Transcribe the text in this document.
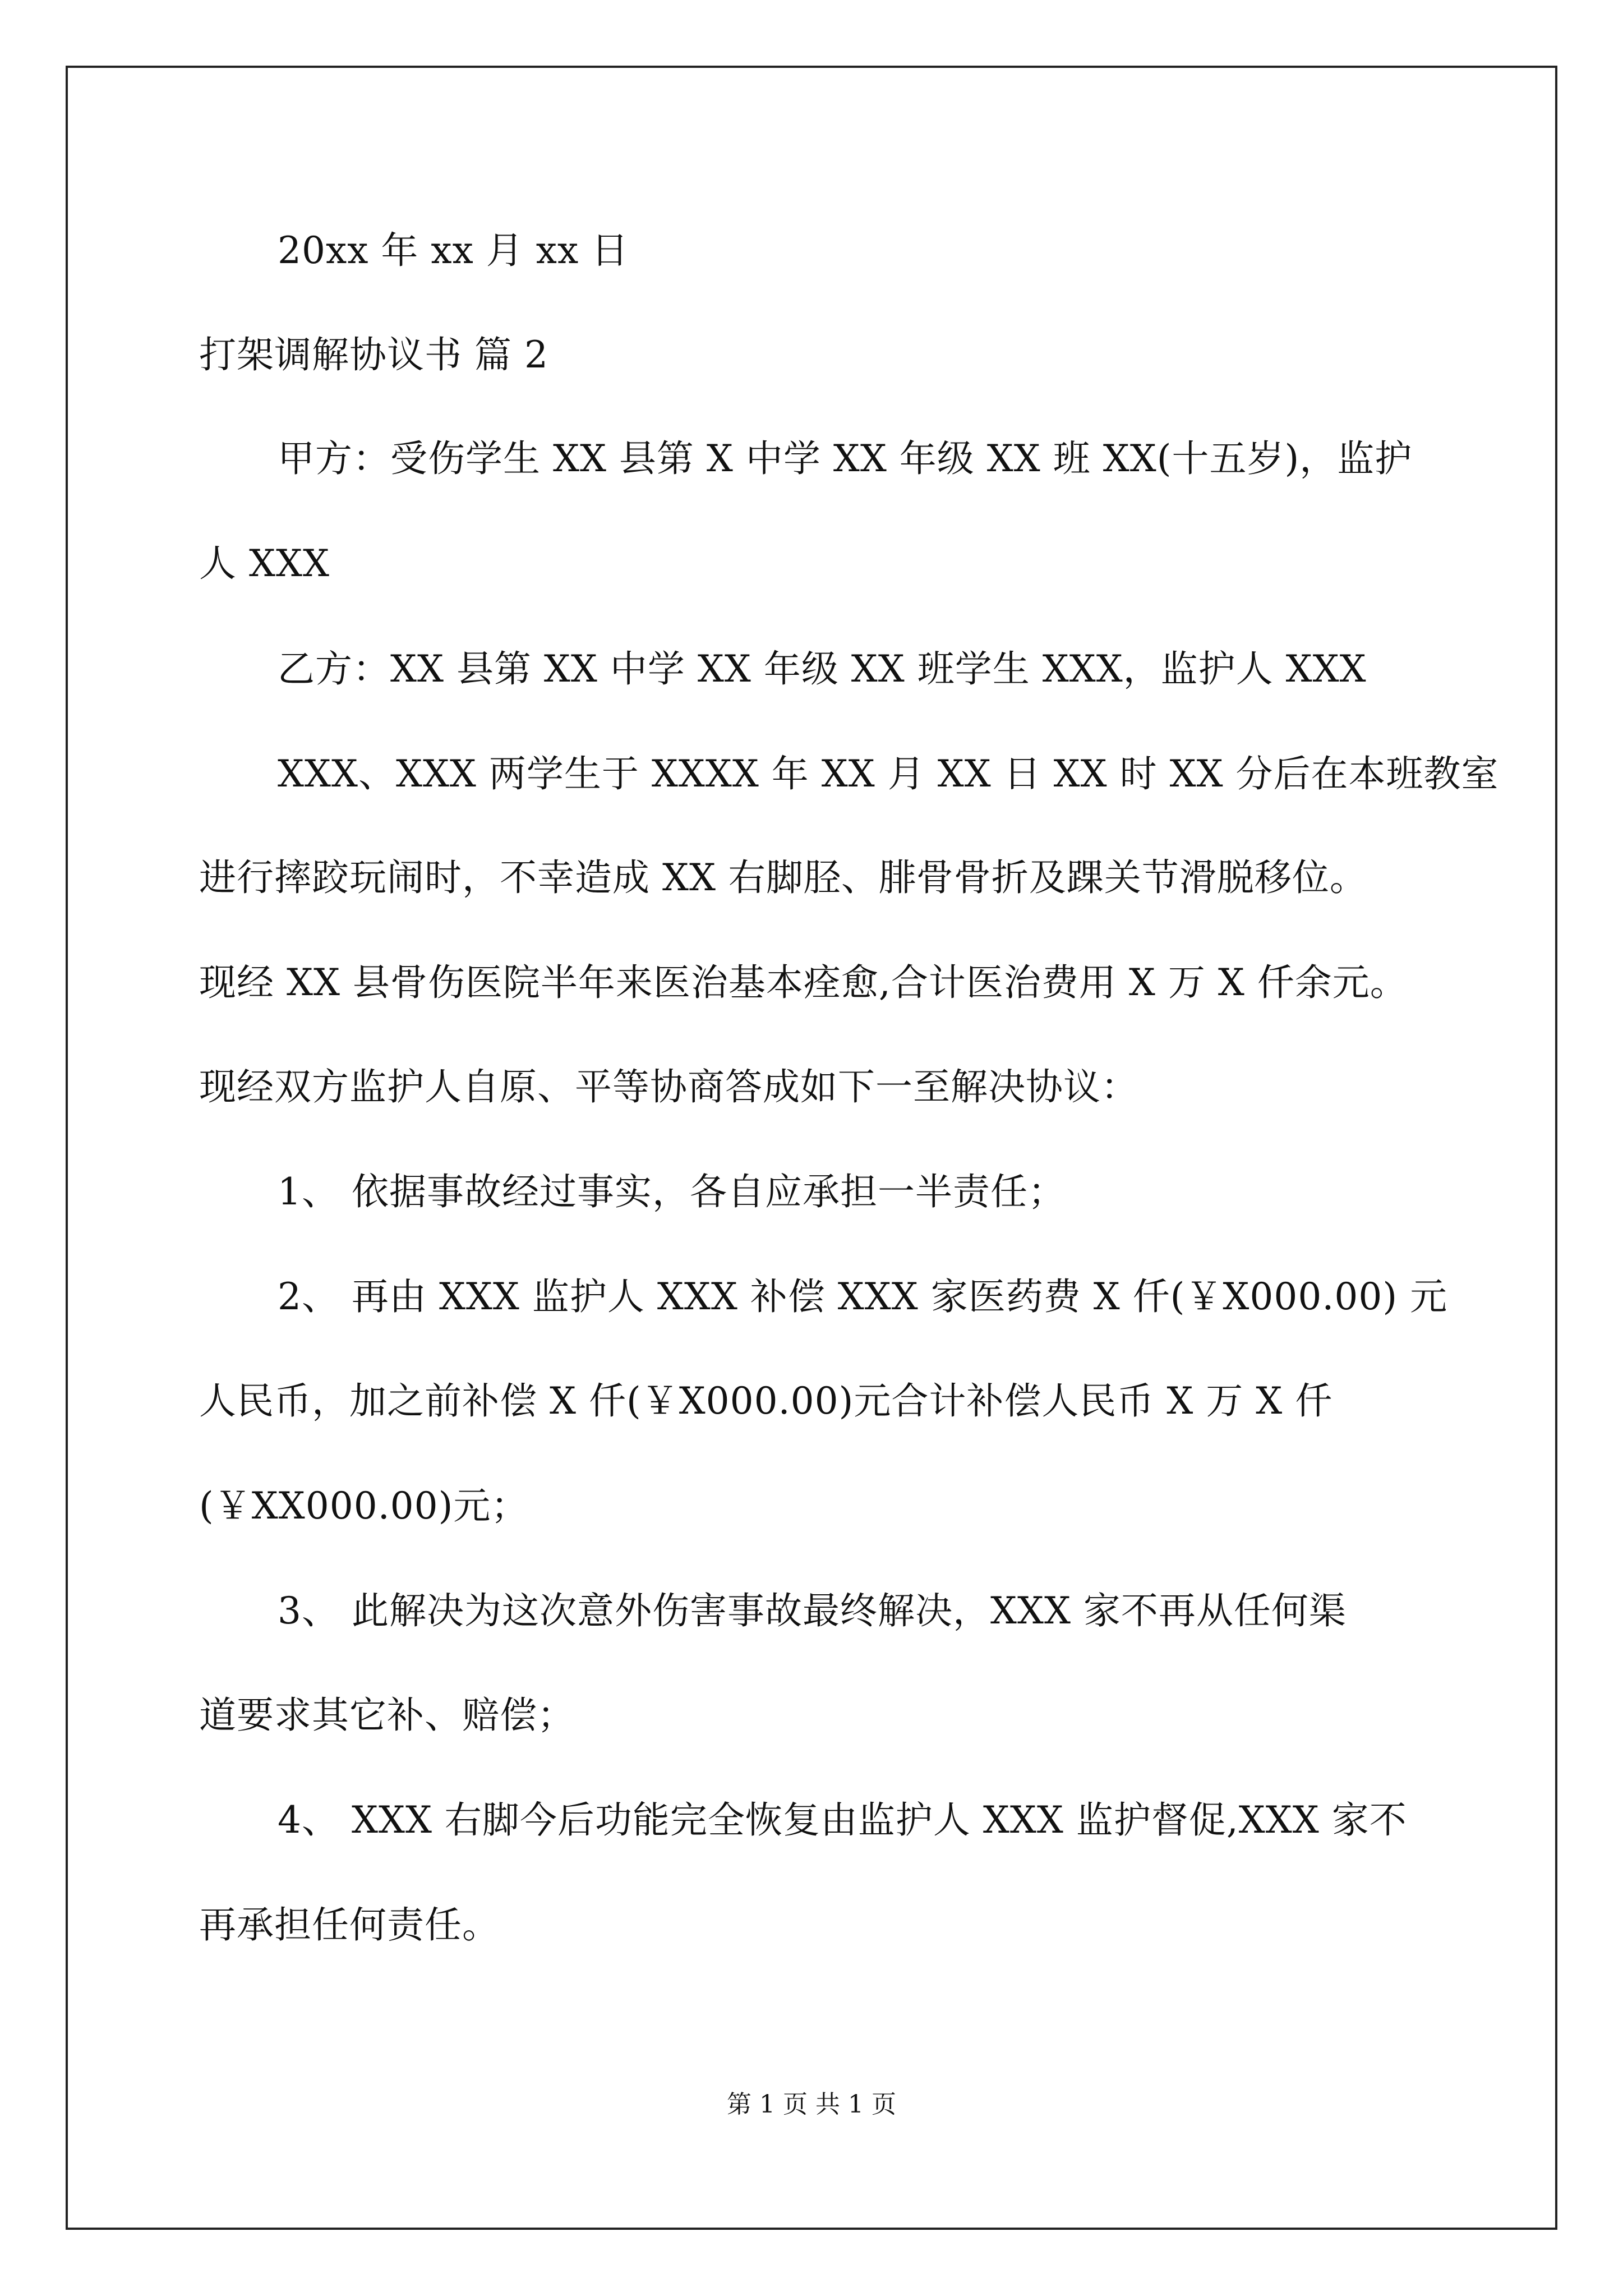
20xx 年 xx 月 xx 日
打架调解协议书 篇 2
甲方：受伤学生 XX 县第 X 中学 XX 年级 XX 班 XX(十五岁)，监护
人 XXX
乙方：XX 县第 XX 中学 XX 年级 XX 班学生 XXX，监护人 XXX
XXX、XXX 两学生于 XXXX 年 XX 月 XX 日 XX 时 XX 分后在本班教室
进行摔跤玩闹时，不幸造成 XX 右脚胫、腓骨骨折及踝关节滑脱移位。
现经 XX 县骨伤医院半年来医治基本痊愈,合计医治费用 X 万 X 仟余元。
现经双方监护人自原、平等协商答成如下一至解决协议：
1、 依据事故经过事实，各自应承担一半责任；
2、 再由 XXX 监护人 XXX 补偿 XXX 家医药费 X 仟(￥X000.00) 元
人民币，加之前补偿 X 仟(￥X000.00)元合计补偿人民币 X 万 X 仟
(￥XX000.00)元；
3、 此解决为这次意外伤害事故最终解决，XXX 家不再从任何渠
道要求其它补、赔偿；
4、 XXX 右脚今后功能完全恢复由监护人 XXX 监护督促,XXX 家不
再承担任何责任。
第 1 页 共 1 页
